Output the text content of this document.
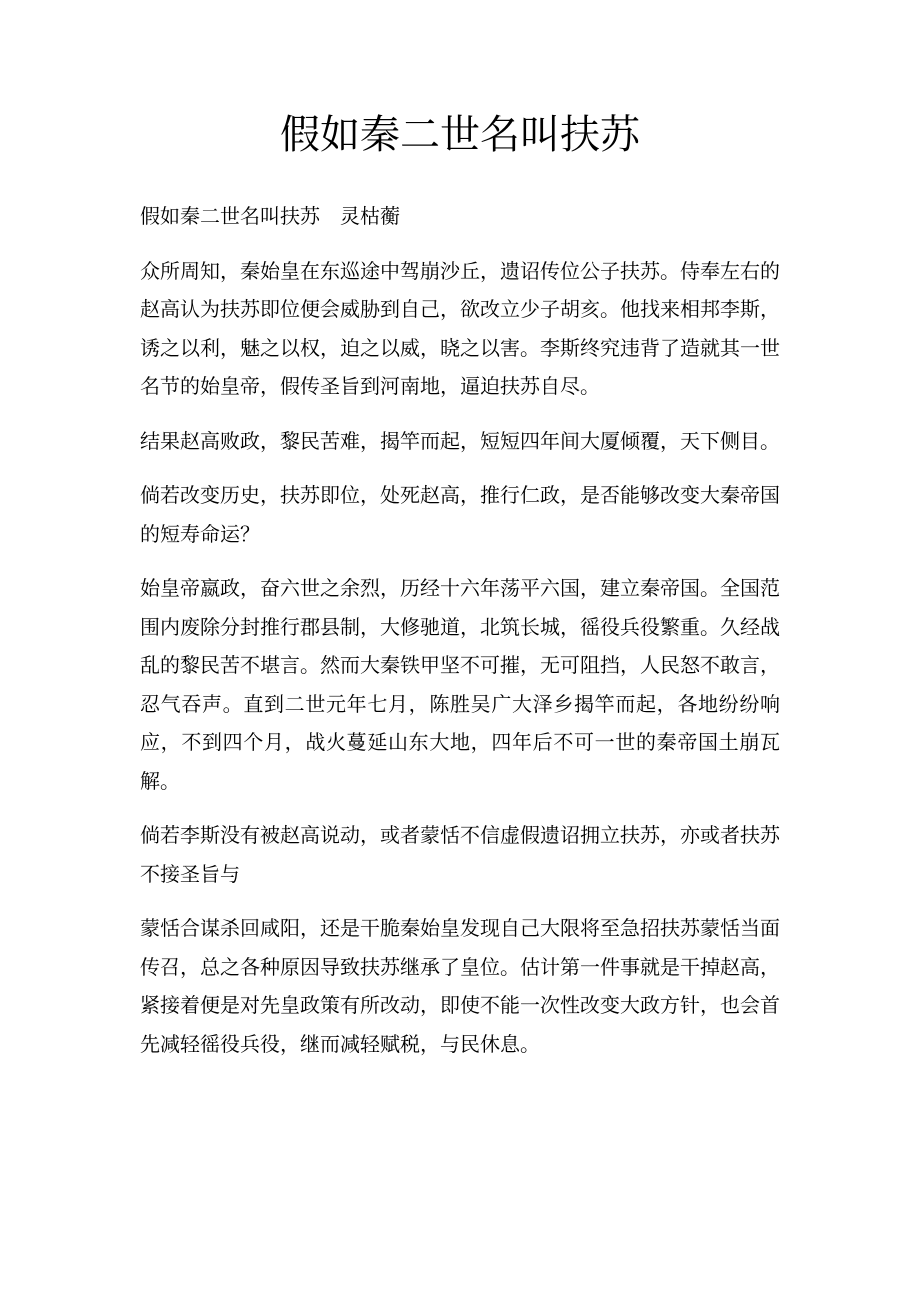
假如秦二世名叫扶苏

假如秦二世名叫扶苏　灵枯蘅

众所周知，秦始皇在东巡途中驾崩沙丘，遗诏传位公子扶苏。侍奉左右的赵高认为扶苏即位便会威胁到自己，欲改立少子胡亥。他找来相邦李斯，诱之以利，魅之以权，迫之以威，晓之以害。李斯终究违背了造就其一世名节的始皇帝，假传圣旨到河南地，逼迫扶苏自尽。

结果赵高败政，黎民苦难，揭竿而起，短短四年间大厦倾覆，天下侧目。

倘若改变历史，扶苏即位，处死赵高，推行仁政，是否能够改变大秦帝国的短寿命运？

始皇帝嬴政，奋六世之余烈，历经十六年荡平六国，建立秦帝国。全国范围内废除分封推行郡县制，大修驰道，北筑长城，徭役兵役繁重。久经战乱的黎民苦不堪言。然而大秦铁甲坚不可摧，无可阻挡，人民怒不敢言，忍气吞声。直到二世元年七月，陈胜吴广大泽乡揭竿而起，各地纷纷响应，不到四个月，战火蔓延山东大地，四年后不可一世的秦帝国土崩瓦解。

倘若李斯没有被赵高说动，或者蒙恬不信虚假遗诏拥立扶苏，亦或者扶苏不接圣旨与

蒙恬合谋杀回咸阳，还是干脆秦始皇发现自己大限将至急招扶苏蒙恬当面传召，总之各种原因导致扶苏继承了皇位。估计第一件事就是干掉赵高，紧接着便是对先皇政策有所改动，即使不能一次性改变大政方针，也会首先减轻徭役兵役，继而减轻赋税，与民休息。
